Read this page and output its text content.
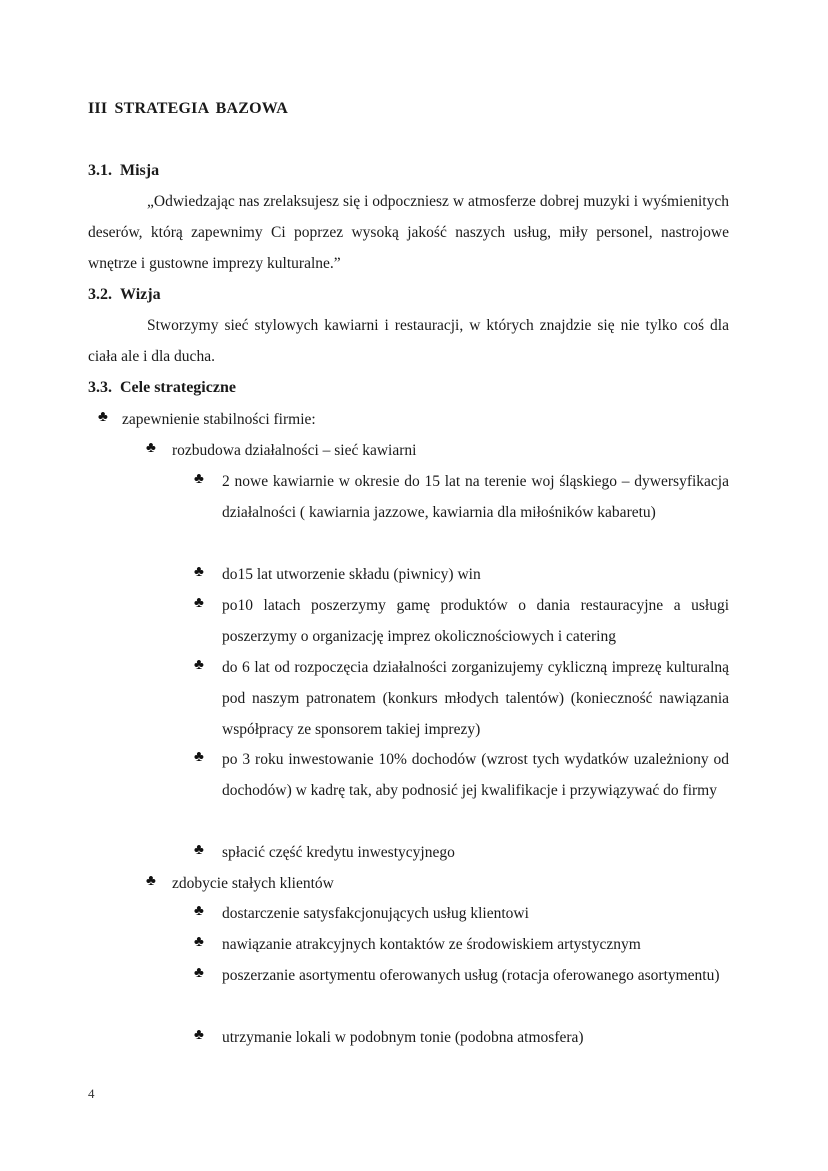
III STRATEGIA BAZOWA
3.1. Misja
„Odwiedzając nas zrelaksujesz się i odpoczniesz w atmosferze dobrej muzyki i wyśmienitych deserów, którą zapewnimy Ci poprzez wysoką jakość naszych usług, miły personel, nastrojowe wnętrze i gustowne imprezy kulturalne.”
3.2. Wizja
Stworzymy sieć stylowych kawiarni i restauracji, w których znajdzie się nie tylko coś dla ciała ale i dla ducha.
3.3. Cele strategiczne
♣ zapewnienie stabilności firmie:
♣ rozbudowa działalności – sieć kawiarni
♣ 2 nowe kawiarnie w okresie do 15 lat na terenie woj śląskiego – dywersyfikacja działalności ( kawiarnia jazzowe, kawiarnia dla miłośników kabaretu)
♣ do15 lat utworzenie składu (piwnicy) win
♣ po10 latach poszerzymy gamę produktów o dania restauracyjne a usługi poszerzymy o organizację imprez okolicznościowych i catering
♣ do 6 lat od rozpoczęcia działalności zorganizujemy cykliczną imprezę kulturalną pod naszym patronatem (konkurs młodych talentów) (konieczność nawiązania współpracy ze sponsorem takiej imprezy)
♣ po 3 roku inwestowanie 10% dochodów (wzrost tych wydatków uzależniony od dochodów) w kadrę tak, aby podnosić jej kwalifikacje i przywiązywać do firmy
♣ spłacić część kredytu inwestycyjnego
♣ zdobycie stałych klientów
♣ dostarczenie satysfakcjonujących usług klientowi
♣ nawiązanie atrakcyjnych kontaktów ze środowiskiem artystycznym
♣ poszerzanie asortymentu oferowanych usług (rotacja oferowanego asortymentu)
♣ utrzymanie lokali w podobnym tonie (podobna atmosfera)
4
